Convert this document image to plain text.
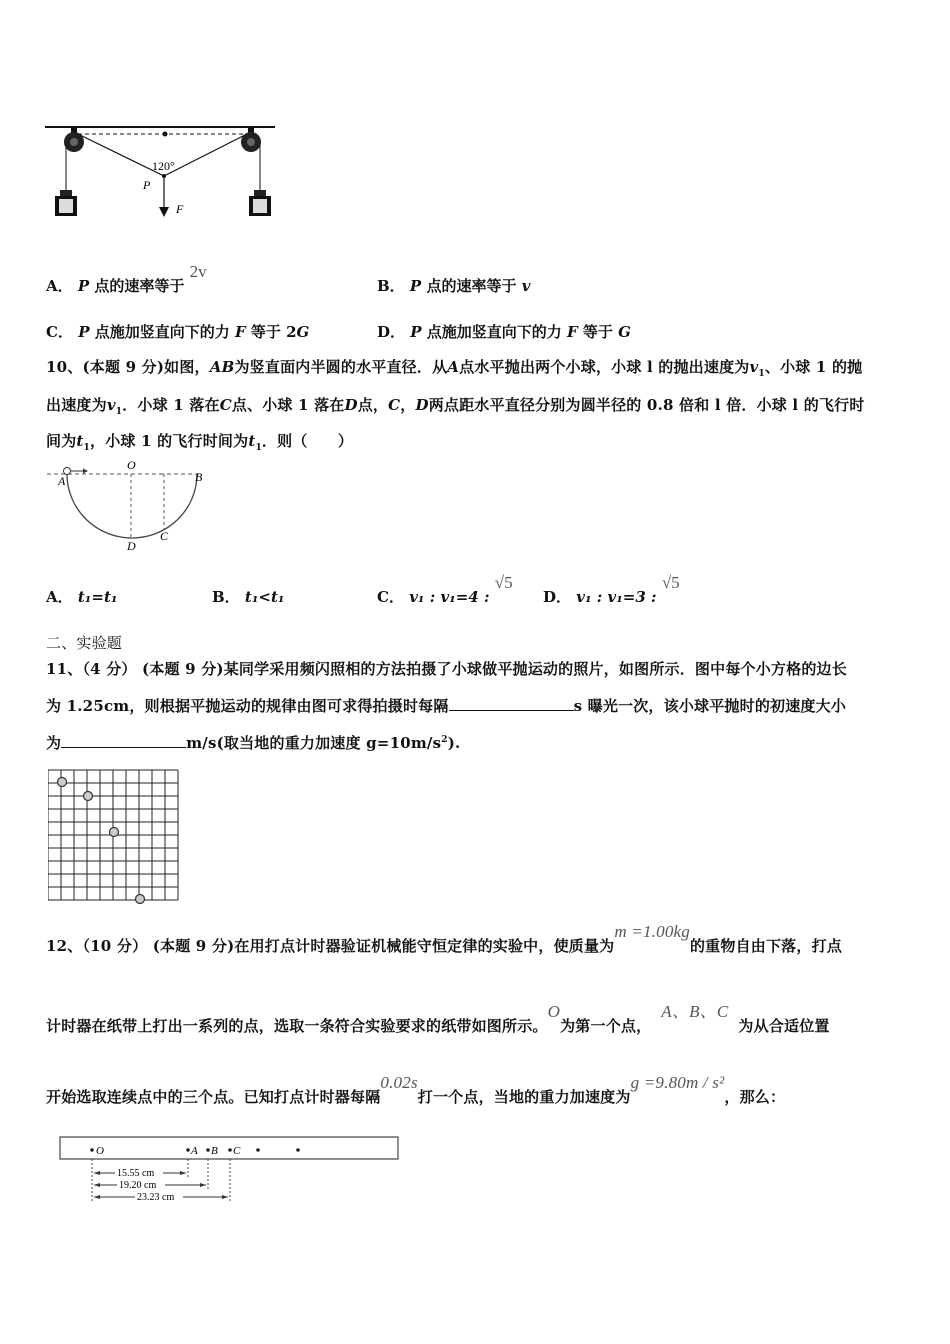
120°
P
F
A． P 点的速率等于 2v
B． P 点的速率等于 v
C． P 点施加竖直向下的力 F 等于 2G	D． P 点施加竖直向下的力 F 等于 G
10、(本题 9 分)如图，AB为竖直面内半圆的水平直径．从A点水平抛出两个小球，小球 l 的抛出速度为$v_1$、小球 1 的抛
出速度为$v_1$．小球 1 落在C点、小球 1 落在D点，C，D两点距水平直径分别为圆半径的 0.8 倍和 l 倍．小球 l 的飞行时
间为$t_1$，小球 1 的飞行时间为$t_1$．则（　　）
A
O
B
D
C
A． t₁=t₁	B． t₁<t₁	C． v₁ : v₁=4 : √5
D． v₁ : v₁=3 : √5
二、实验题
11、（4 分） (本题 9 分)某同学采用频闪照相的方法拍摄了小球做平抛运动的照片，如图所示．图中每个小方格的边长
为 1.25cm，则根据平抛运动的规律由图可求得拍摄时每隔	s 曝光一次，该小球平抛时的初速度大小
为	m/s(取当地的重力加速度 $g=10m/s^2$).
12、（10 分） (本题 9 分)在用打点计时器验证机械能守恒定律的实验中，使质量为m =1.00kg的重物自由下落，打点
计时器在纸带上打出一系列的点，选取一条符合实验要求的纸带如图所示。O为第一个点，A、B、C为从合适位置
开始选取连续点中的三个点。已知打点计时器每隔0.02s打一个点，当地的重力加速度为g =9.80m / s²，那么：
O	A B C
15.55 cm
19.20 cm
23.23 cm
